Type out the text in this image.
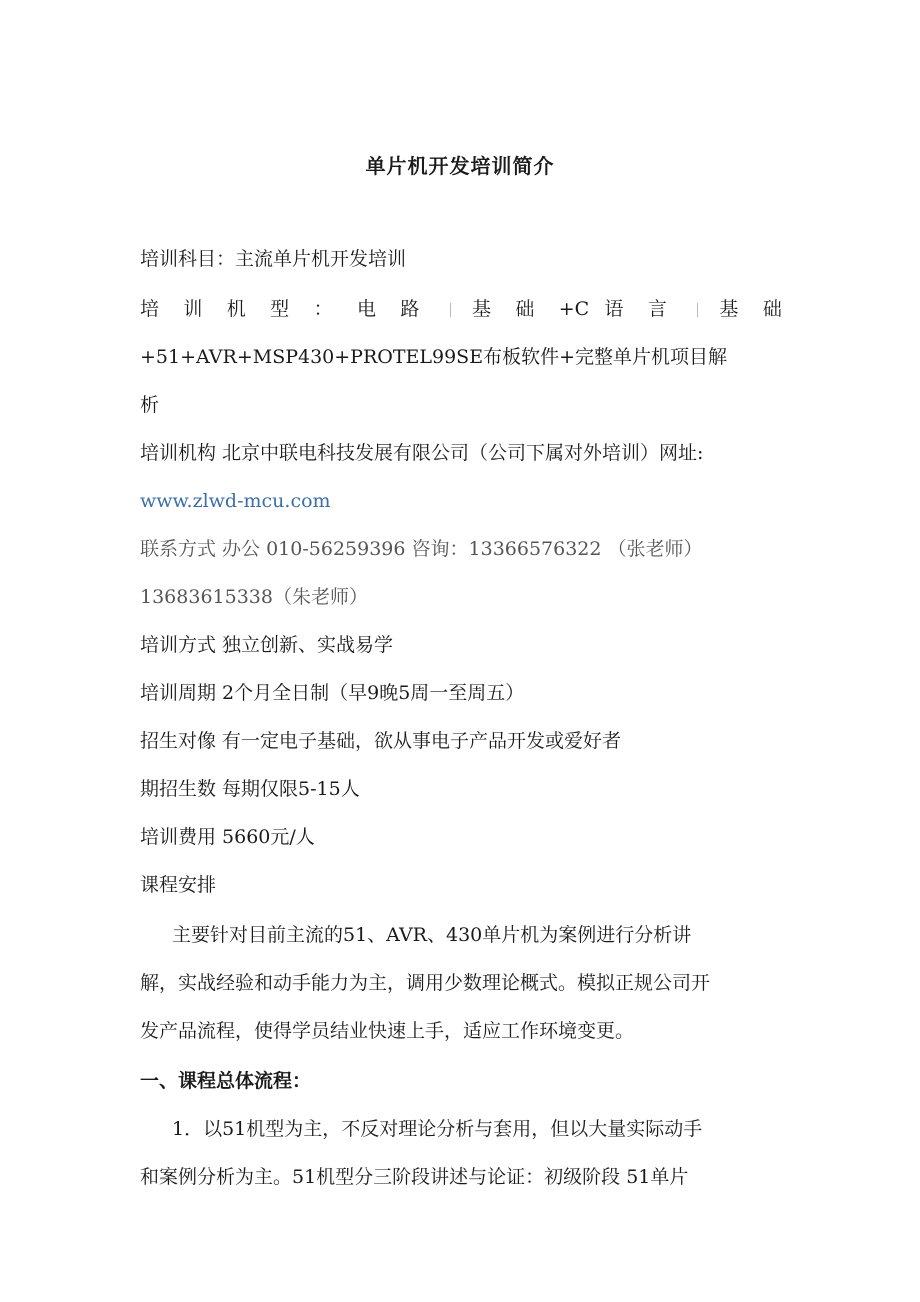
单片机开发培训简介
培训科目：主流单片机开发培训
培 训 机 型 ： 电 路 基 础 +C 语 言 基 础
+51+AVR+MSP430+PROTEL99SE布板软件+完整单片机项目解
析
培训机构 北京中联电科技发展有限公司（公司下属对外培训）网址:
www.zlwd-mcu.com
联系方式 办公 010-56259396 咨询：13366576322 （张老师）
13683615338（朱老师）
培训方式 独立创新、实战易学
培训周期 2个月全日制（早9晚5周一至周五）
招生对像 有一定电子基础，欲从事电子产品开发或爱好者
期招生数 每期仅限5-15人
培训费用 5660元/人
课程安排
主要针对目前主流的51、AVR、430单片机为案例进行分析讲
解，实战经验和动手能力为主，调用少数理论概式。模拟正规公司开
发产品流程，使得学员结业快速上手，适应工作环境变更。
一、课程总体流程：
1．以51机型为主，不反对理论分析与套用，但以大量实际动手
和案例分析为主。51机型分三阶段讲述与论证：初级阶段 51单片
